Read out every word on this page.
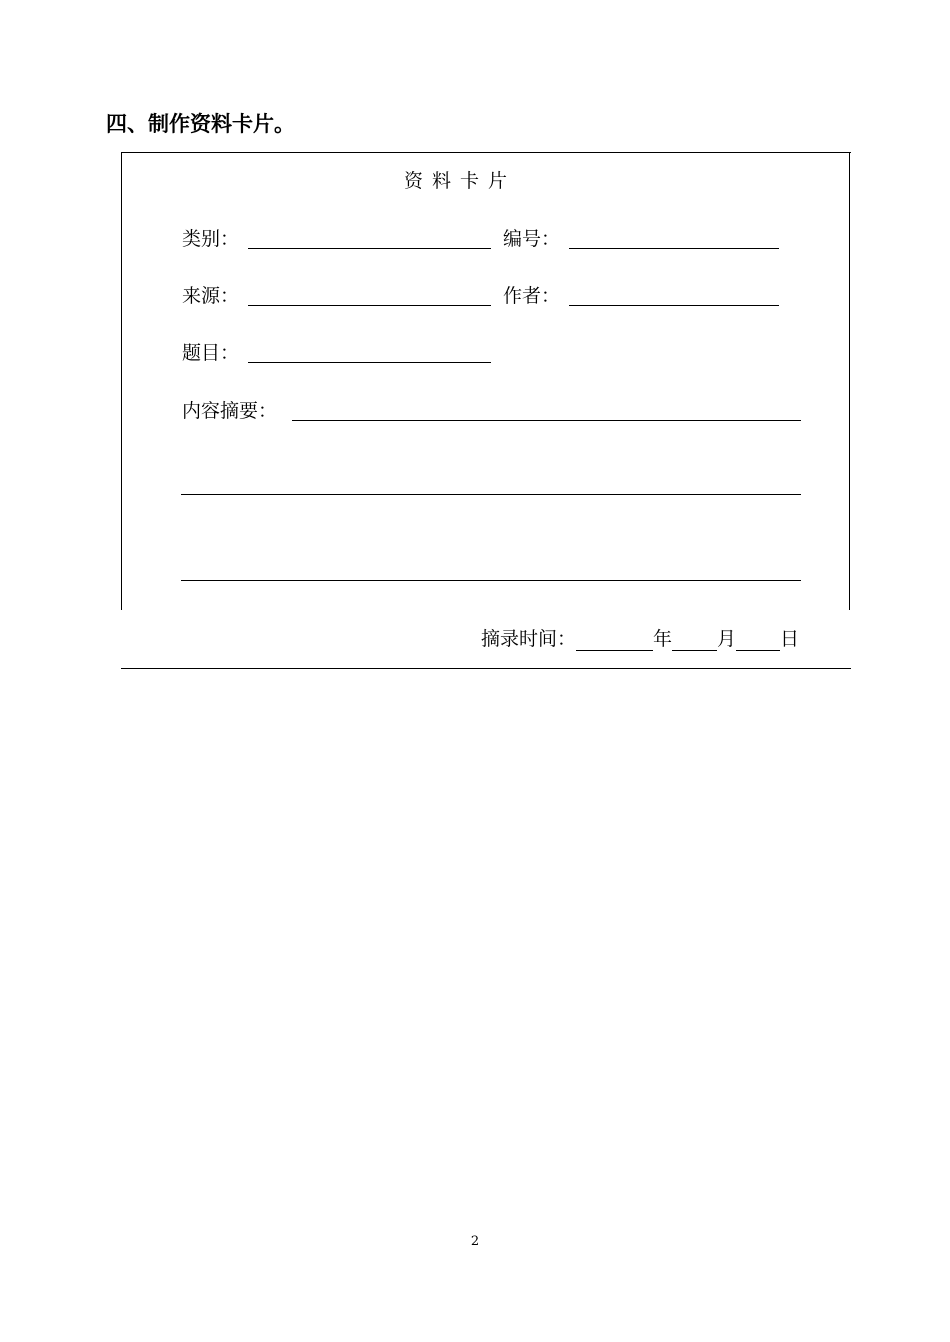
四、制作资料卡片。
资料卡片
类别：	编号：
来源：	作者：
题目：
内容摘要：
摘录时间：	年 月 日
2
